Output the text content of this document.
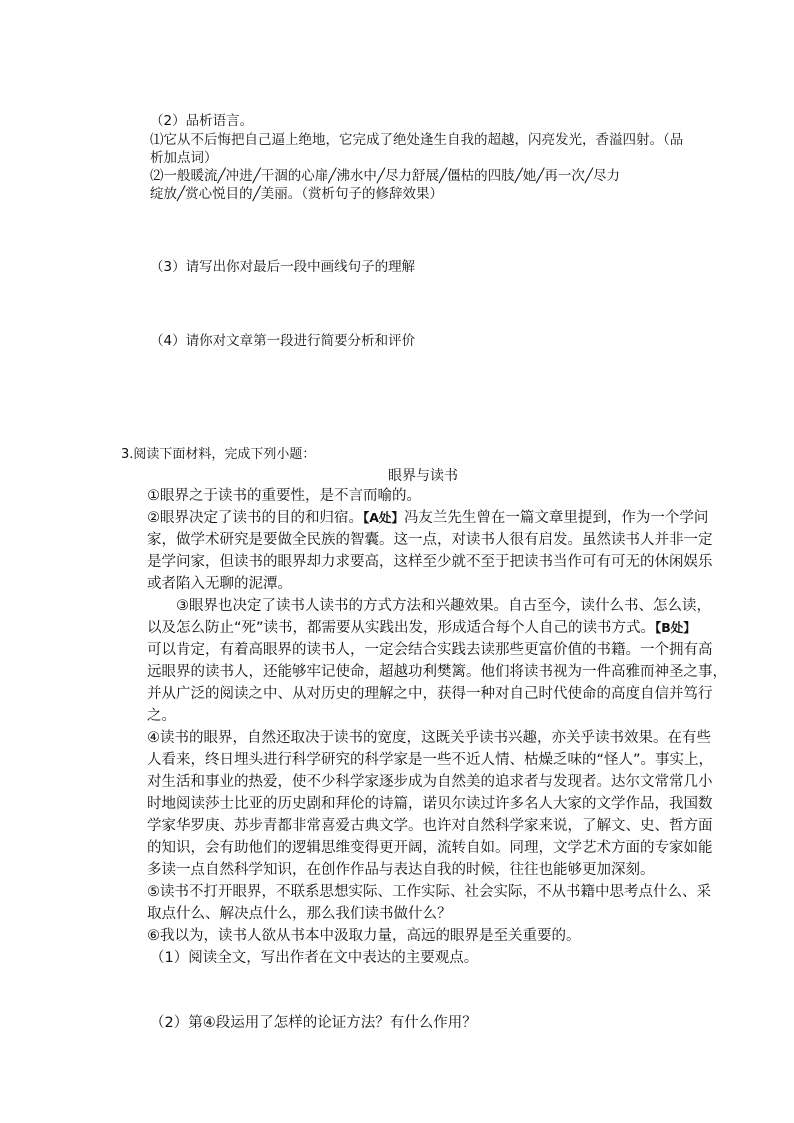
（2）品析语言。
⑴它从不后悔把自己逼上绝地，它完成了绝处逢生自我的超越，闪亮发光，香溢四射。（品
析加点词）
⑵一般暖流╱冲进╱干涸的心扉╱沸水中╱尽力舒展╱僵枯的四肢╱她╱再一次╱尽力
绽放╱赏心悦目的╱美丽。（赏析句子的修辞效果）
（3）请写出你对最后一段中画线句子的理解
（4）请你对文章第一段进行简要分析和评价
3.阅读下面材料，完成下列小题：
眼界与读书
①眼界之于读书的重要性，是不言而喻的。
②眼界决定了读书的目的和归宿。【A处】冯友兰先生曾在一篇文章里提到，作为一个学问
家，做学术研究是要做全民族的智囊。这一点，对读书人很有启发。虽然读书人并非一定
是学问家，但读书的眼界却力求要高，这样至少就不至于把读书当作可有可无的休闲娱乐
或者陷入无聊的泥潭。
③眼界也决定了读书人读书的方式方法和兴趣效果。自古至今，读什么书、怎么读，
以及怎么防止“死”读书，都需要从实践出发，形成适合每个人自己的读书方式。【B处】
可以肯定，有着高眼界的读书人，一定会结合实践去读那些更富价值的书籍。一个拥有高
远眼界的读书人，还能够牢记使命，超越功利樊篱。他们将读书视为一件高雅而神圣之事，
并从广泛的阅读之中、从对历史的理解之中，获得一种对自己时代使命的高度自信并笃行
之。
④读书的眼界，自然还取决于读书的宽度，这既关乎读书兴趣，亦关乎读书效果。在有些
人看来，终日埋头进行科学研究的科学家是一些不近人情、枯燥乏味的“怪人”。事实上，
对生活和事业的热爱，使不少科学家逐步成为自然美的追求者与发现者。达尔文常常几小
时地阅读莎士比亚的历史剧和拜伦的诗篇，诺贝尔读过许多名人大家的文学作品，我国数
学家华罗庚、苏步青都非常喜爱古典文学。也许对自然科学家来说，了解文、史、哲方面
的知识，会有助他们的逻辑思维变得更开阔，流转自如。同理，文学艺术方面的专家如能
多读一点自然科学知识，在创作作品与表达自我的时候，往往也能够更加深刻。
⑤读书不打开眼界，不联系思想实际、工作实际、社会实际，不从书籍中思考点什么、采
取点什么、解决点什么，那么我们读书做什么？
⑥我以为，读书人欲从书本中汲取力量，高远的眼界是至关重要的。
（1）阅读全文，写出作者在文中表达的主要观点。
（2）第④段运用了怎样的论证方法？有什么作用？
